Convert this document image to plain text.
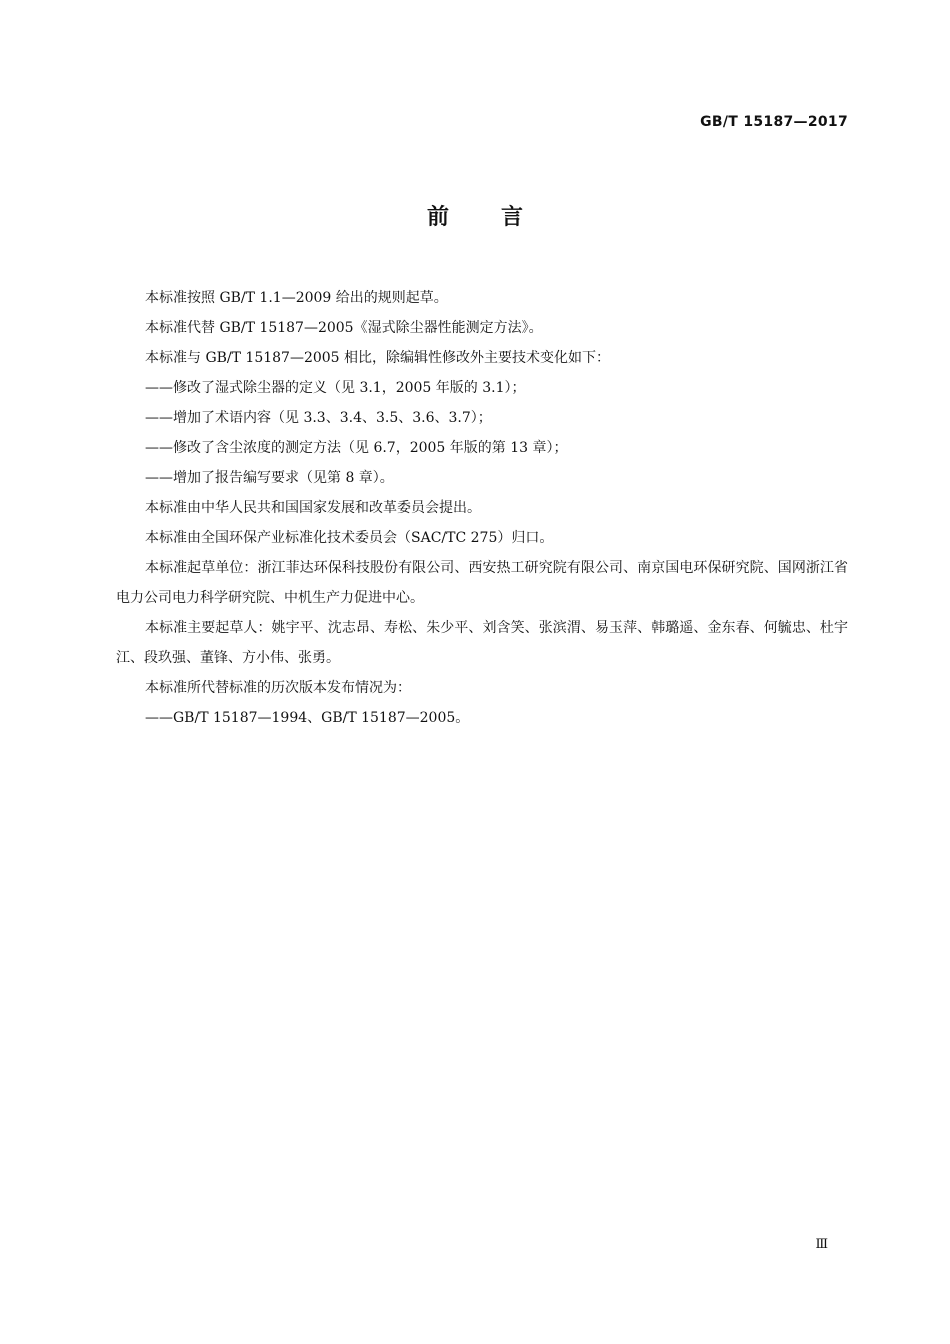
GB/T 15187—2017
前言

本标准按照 GB/T 1.1—2009 给出的规则起草。

本标准代替 GB/T 15187—2005《湿式除尘器性能测定方法》。

本标准与 GB/T 15187—2005 相比，除编辑性修改外主要技术变化如下：

——修改了湿式除尘器的定义（见 3.1，2005 年版的 3.1）；

——增加了术语内容（见 3.3、3.4、3.5、3.6、3.7）；

——修改了含尘浓度的测定方法（见 6.7，2005 年版的第 13 章）；

——增加了报告编写要求（见第 8 章）。

本标准由中华人民共和国国家发展和改革委员会提出。

本标准由全国环保产业标准化技术委员会（SAC/TC 275）归口。

本标准起草单位：浙江菲达环保科技股份有限公司、西安热工研究院有限公司、南京国电环保研究院、国网浙江省电力公司电力科学研究院、中机生产力促进中心。

本标准主要起草人：姚宇平、沈志昂、寿松、朱少平、刘含笑、张滨渭、易玉萍、韩璐遥、金东春、何毓忠、杜宇江、段玖强、董锋、方小伟、张勇。

本标准所代替标准的历次版本发布情况为：

——GB/T 15187—1994、GB/T 15187—2005。

Ⅲ
